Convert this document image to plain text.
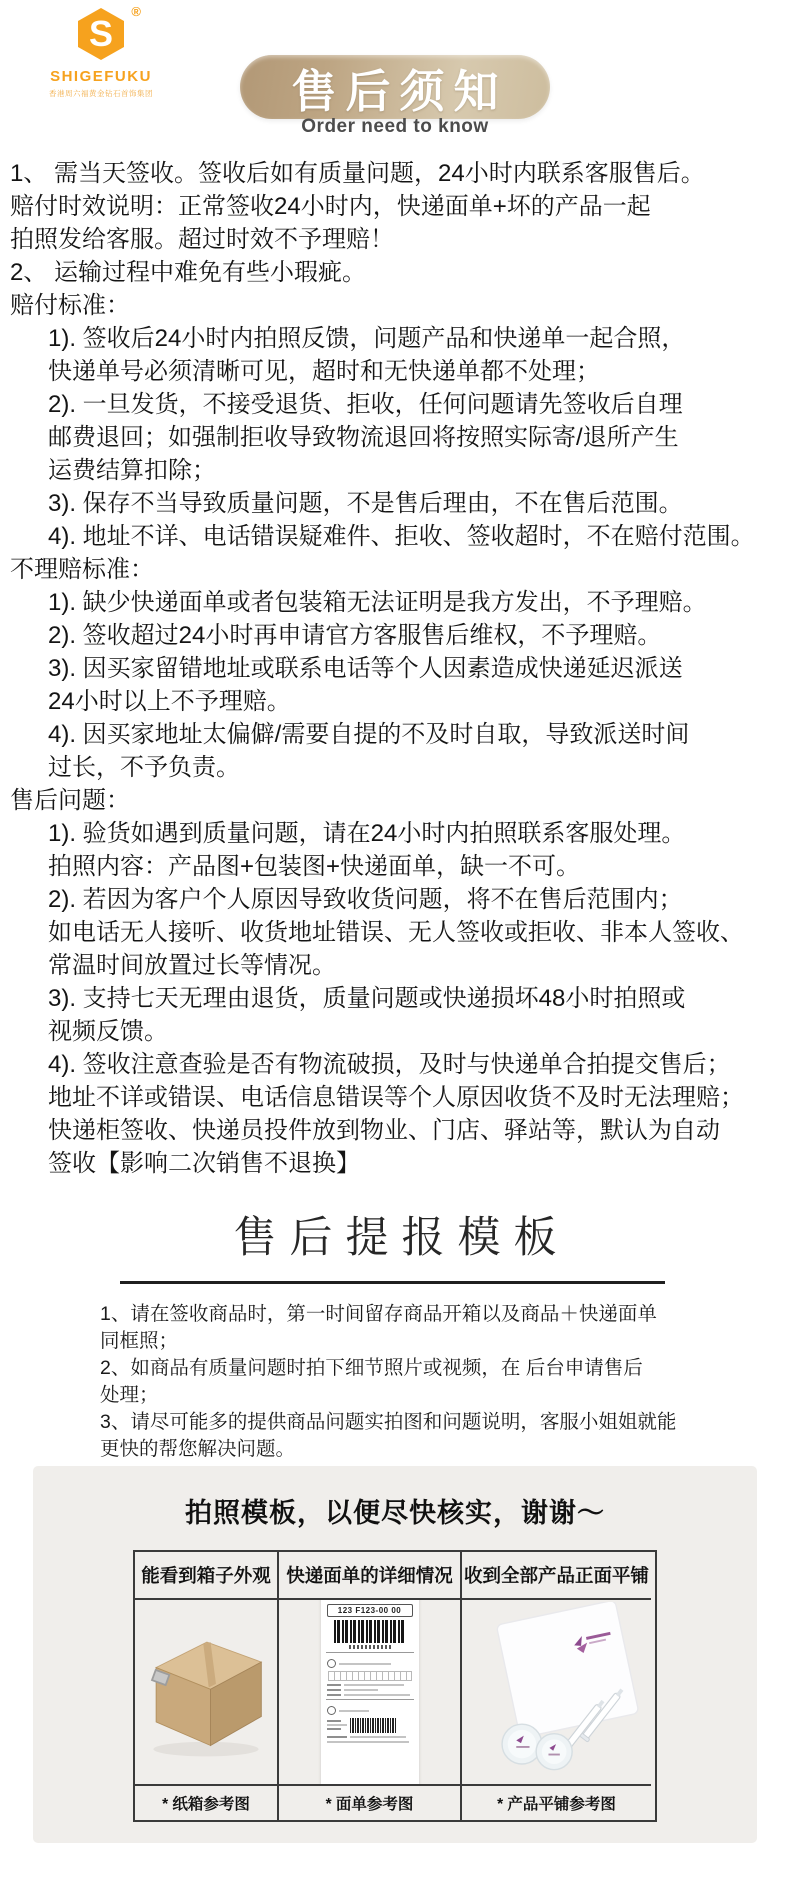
S
®
SHIGEFUKU
香港周六福黄金钻石首饰集团	售后须知
Order need to know
1、 需当天签收。签收后如有质量问题，24小时内联系客服售后。
赔付时效说明：正常签收24小时内，快递面单+坏的产品一起
拍照发给客服。超过时效不予理赔！
2、 运输过程中难免有些小瑕疵。
赔付标准：
1). 签收后24小时内拍照反馈，问题产品和快递单一起合照，
快递单号必须清晰可见，超时和无快递单都不处理；
2). 一旦发货，不接受退货、拒收，任何问题请先签收后自理
邮费退回；如强制拒收导致物流退回将按照实际寄/退所产生
运费结算扣除；
3). 保存不当导致质量问题，不是售后理由，不在售后范围。
4). 地址不详、电话错误疑难件、拒收、签收超时，不在赔付范围。
不理赔标准：
1). 缺少快递面单或者包装箱无法证明是我方发出，不予理赔。
2). 签收超过24小时再申请官方客服售后维权，不予理赔。
3). 因买家留错地址或联系电话等个人因素造成快递延迟派送
24小时以上不予理赔。
4). 因买家地址太偏僻/需要自提的不及时自取，导致派送时间
过长，不予负责。
售后问题：
1). 验货如遇到质量问题，请在24小时内拍照联系客服处理。
拍照内容：产品图+包装图+快递面单，缺一不可。
2). 若因为客户个人原因导致收货问题，将不在售后范围内；
如电话无人接听、收货地址错误、无人签收或拒收、非本人签收、
常温时间放置过长等情况。
3). 支持七天无理由退货，质量问题或快递损坏48小时拍照或
视频反馈。
4). 签收注意查验是否有物流破损，及时与快递单合拍提交售后；
地址不详或错误、电话信息错误等个人原因收货不及时无法理赔；
快递柜签收、快递员投件放到物业、门店、驿站等，默认为自动
签收【影响二次销售不退换】
售后提报模板
1、请在签收商品时，第一时间留存商品开箱以及商品＋快递面单
同框照；
2、如商品有质量问题时拍下细节照片或视频，在 后台申请售后
处理；
3、请尽可能多的提供商品问题实拍图和问题说明，客服小姐姐就能
更快的帮您解决问题。
拍照模板，以便尽快核实，谢谢～
能看到箱子外观 快递面单的详细情况 收到全部产品正面平铺
123 F123-00 00
* 纸箱参考图	* 面单参考图	* 产品平铺参考图
